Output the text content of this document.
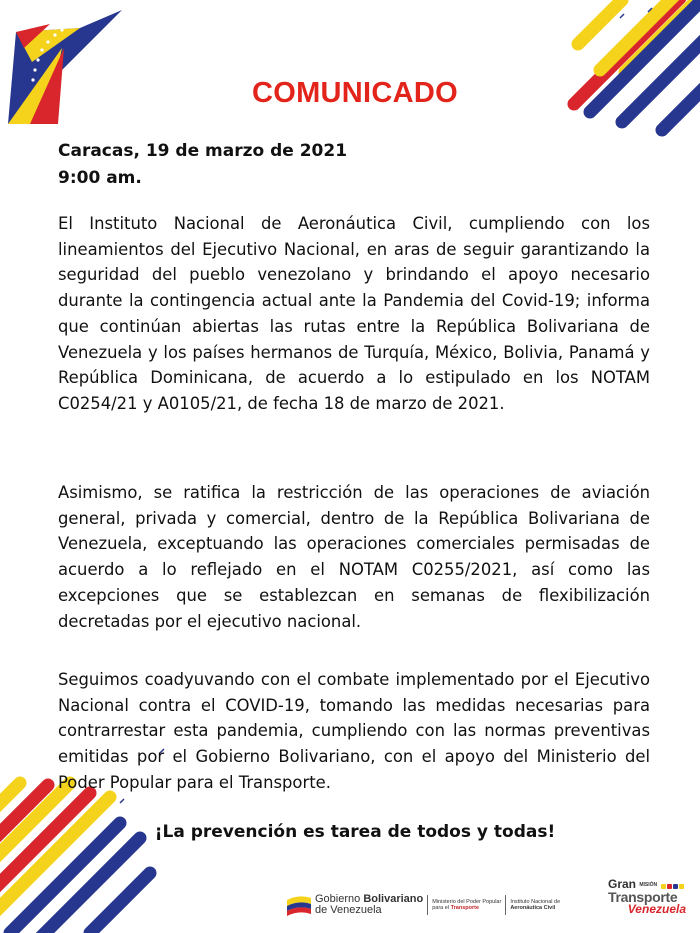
COMUNICADO
Caracas, 19 de marzo de 2021
9:00 am.

El Instituto Nacional de Aeronáutica Civil, cumpliendo con los lineamientos del Ejecutivo Nacional, en aras de seguir garantizando la seguridad del pueblo venezolano y brindando el apoyo necesario durante la contingencia actual ante la Pandemia del Covid-19; informa que continúan abiertas las rutas entre la República Bolivariana de Venezuela y los países hermanos de Turquía, México, Bolivia, Panamá y República Dominicana, de acuerdo a lo estipulado en los NOTAM C0254/21 y A0105/21, de fecha 18 de marzo de 2021.

Asimismo, se ratifica la restricción de las operaciones de aviación general, privada y comercial, dentro de la República Bolivariana de Venezuela, exceptuando las operaciones comerciales permisadas de acuerdo a lo reflejado en el NOTAM C0255/2021, así como las excepciones que se establezcan en semanas de flexibilización decretadas por el ejecutivo nacional.

Seguimos coadyuvando con el combate implementado por el Ejecutivo Nacional contra el COVID-19, tomando las medidas necesarias para contrarrestar esta pandemia, cumpliendo con las normas preventivas emitidas por el Gobierno Bolivariano, con el apoyo del Ministerio del Poder Popular para el Transporte.

¡La prevención es tarea de todos y todas!
Gobierno Bolivariano
de Venezuela
Ministerio del Poder Popular
para el Transporte
Instituto Nacional de
Aeronáutica Civil
Gran MISIÓN
Transporte
Venezuela
